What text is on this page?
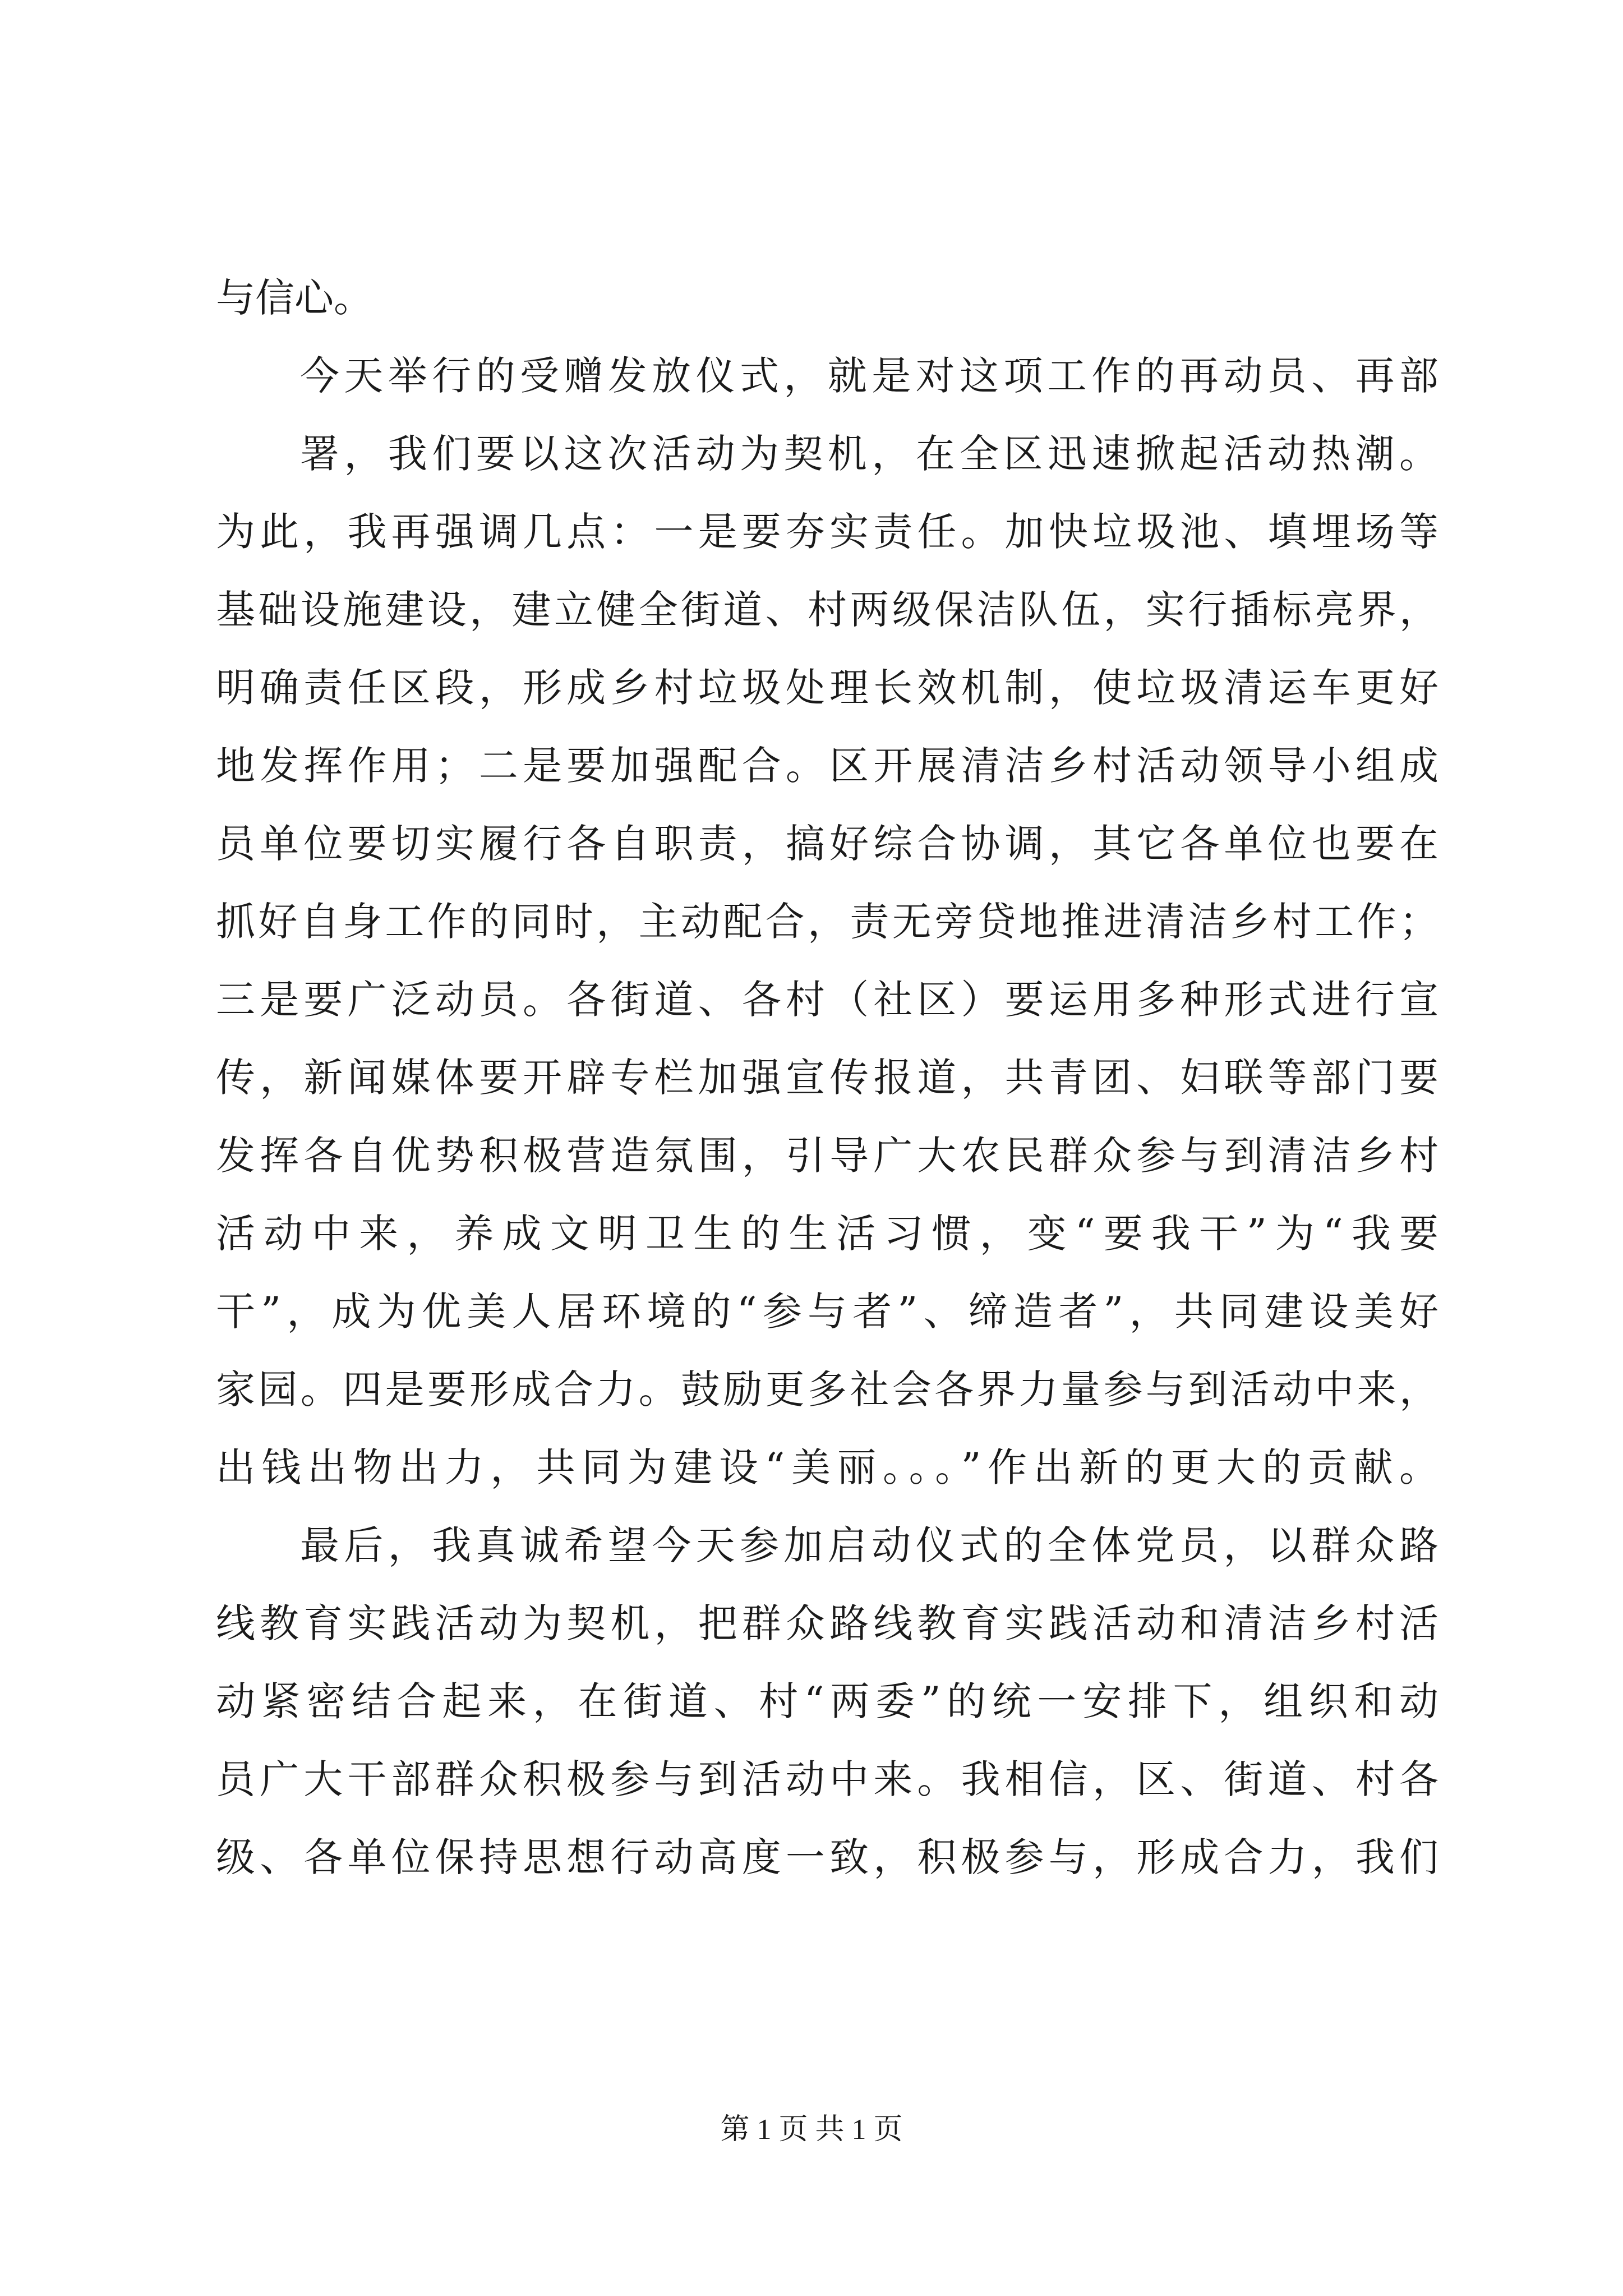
与信心。
今天举行的受赠发放仪式，就是对这项工作的再动员、再部
署，我们要以这次活动为契机，在全区迅速掀起活动热潮。
为此，我再强调几点：一是要夯实责任。加快垃圾池、填埋场等
基础设施建设，建立健全街道、村两级保洁队伍，实行插标亮界，
明确责任区段，形成乡村垃圾处理长效机制，使垃圾清运车更好
地发挥作用；二是要加强配合。区开展清洁乡村活动领导小组成
员单位要切实履行各自职责，搞好综合协调，其它各单位也要在
抓好自身工作的同时，主动配合，责无旁贷地推进清洁乡村工作；
三是要广泛动员。各街道、各村（社区）要运用多种形式进行宣
传，新闻媒体要开辟专栏加强宣传报道，共青团、妇联等部门要
发挥各自优势积极营造氛围，引导广大农民群众参与到清洁乡村
活动中来，养成文明卫生的生活习惯，变“要我干”为“我要
干”，成为优美人居环境的“参与者”、缔造者”，共同建设美好
家园。四是要形成合力。鼓励更多社会各界力量参与到活动中来，
出钱出物出力，共同为建设“美丽。。。”作出新的更大的贡献。
最后，我真诚希望今天参加启动仪式的全体党员，以群众路
线教育实践活动为契机，把群众路线教育实践活动和清洁乡村活
动紧密结合起来，在街道、村“两委”的统一安排下，组织和动
员广大干部群众积极参与到活动中来。我相信，区、街道、村各
级、各单位保持思想行动高度一致，积极参与，形成合力，我们
第 1 页 共 1 页
